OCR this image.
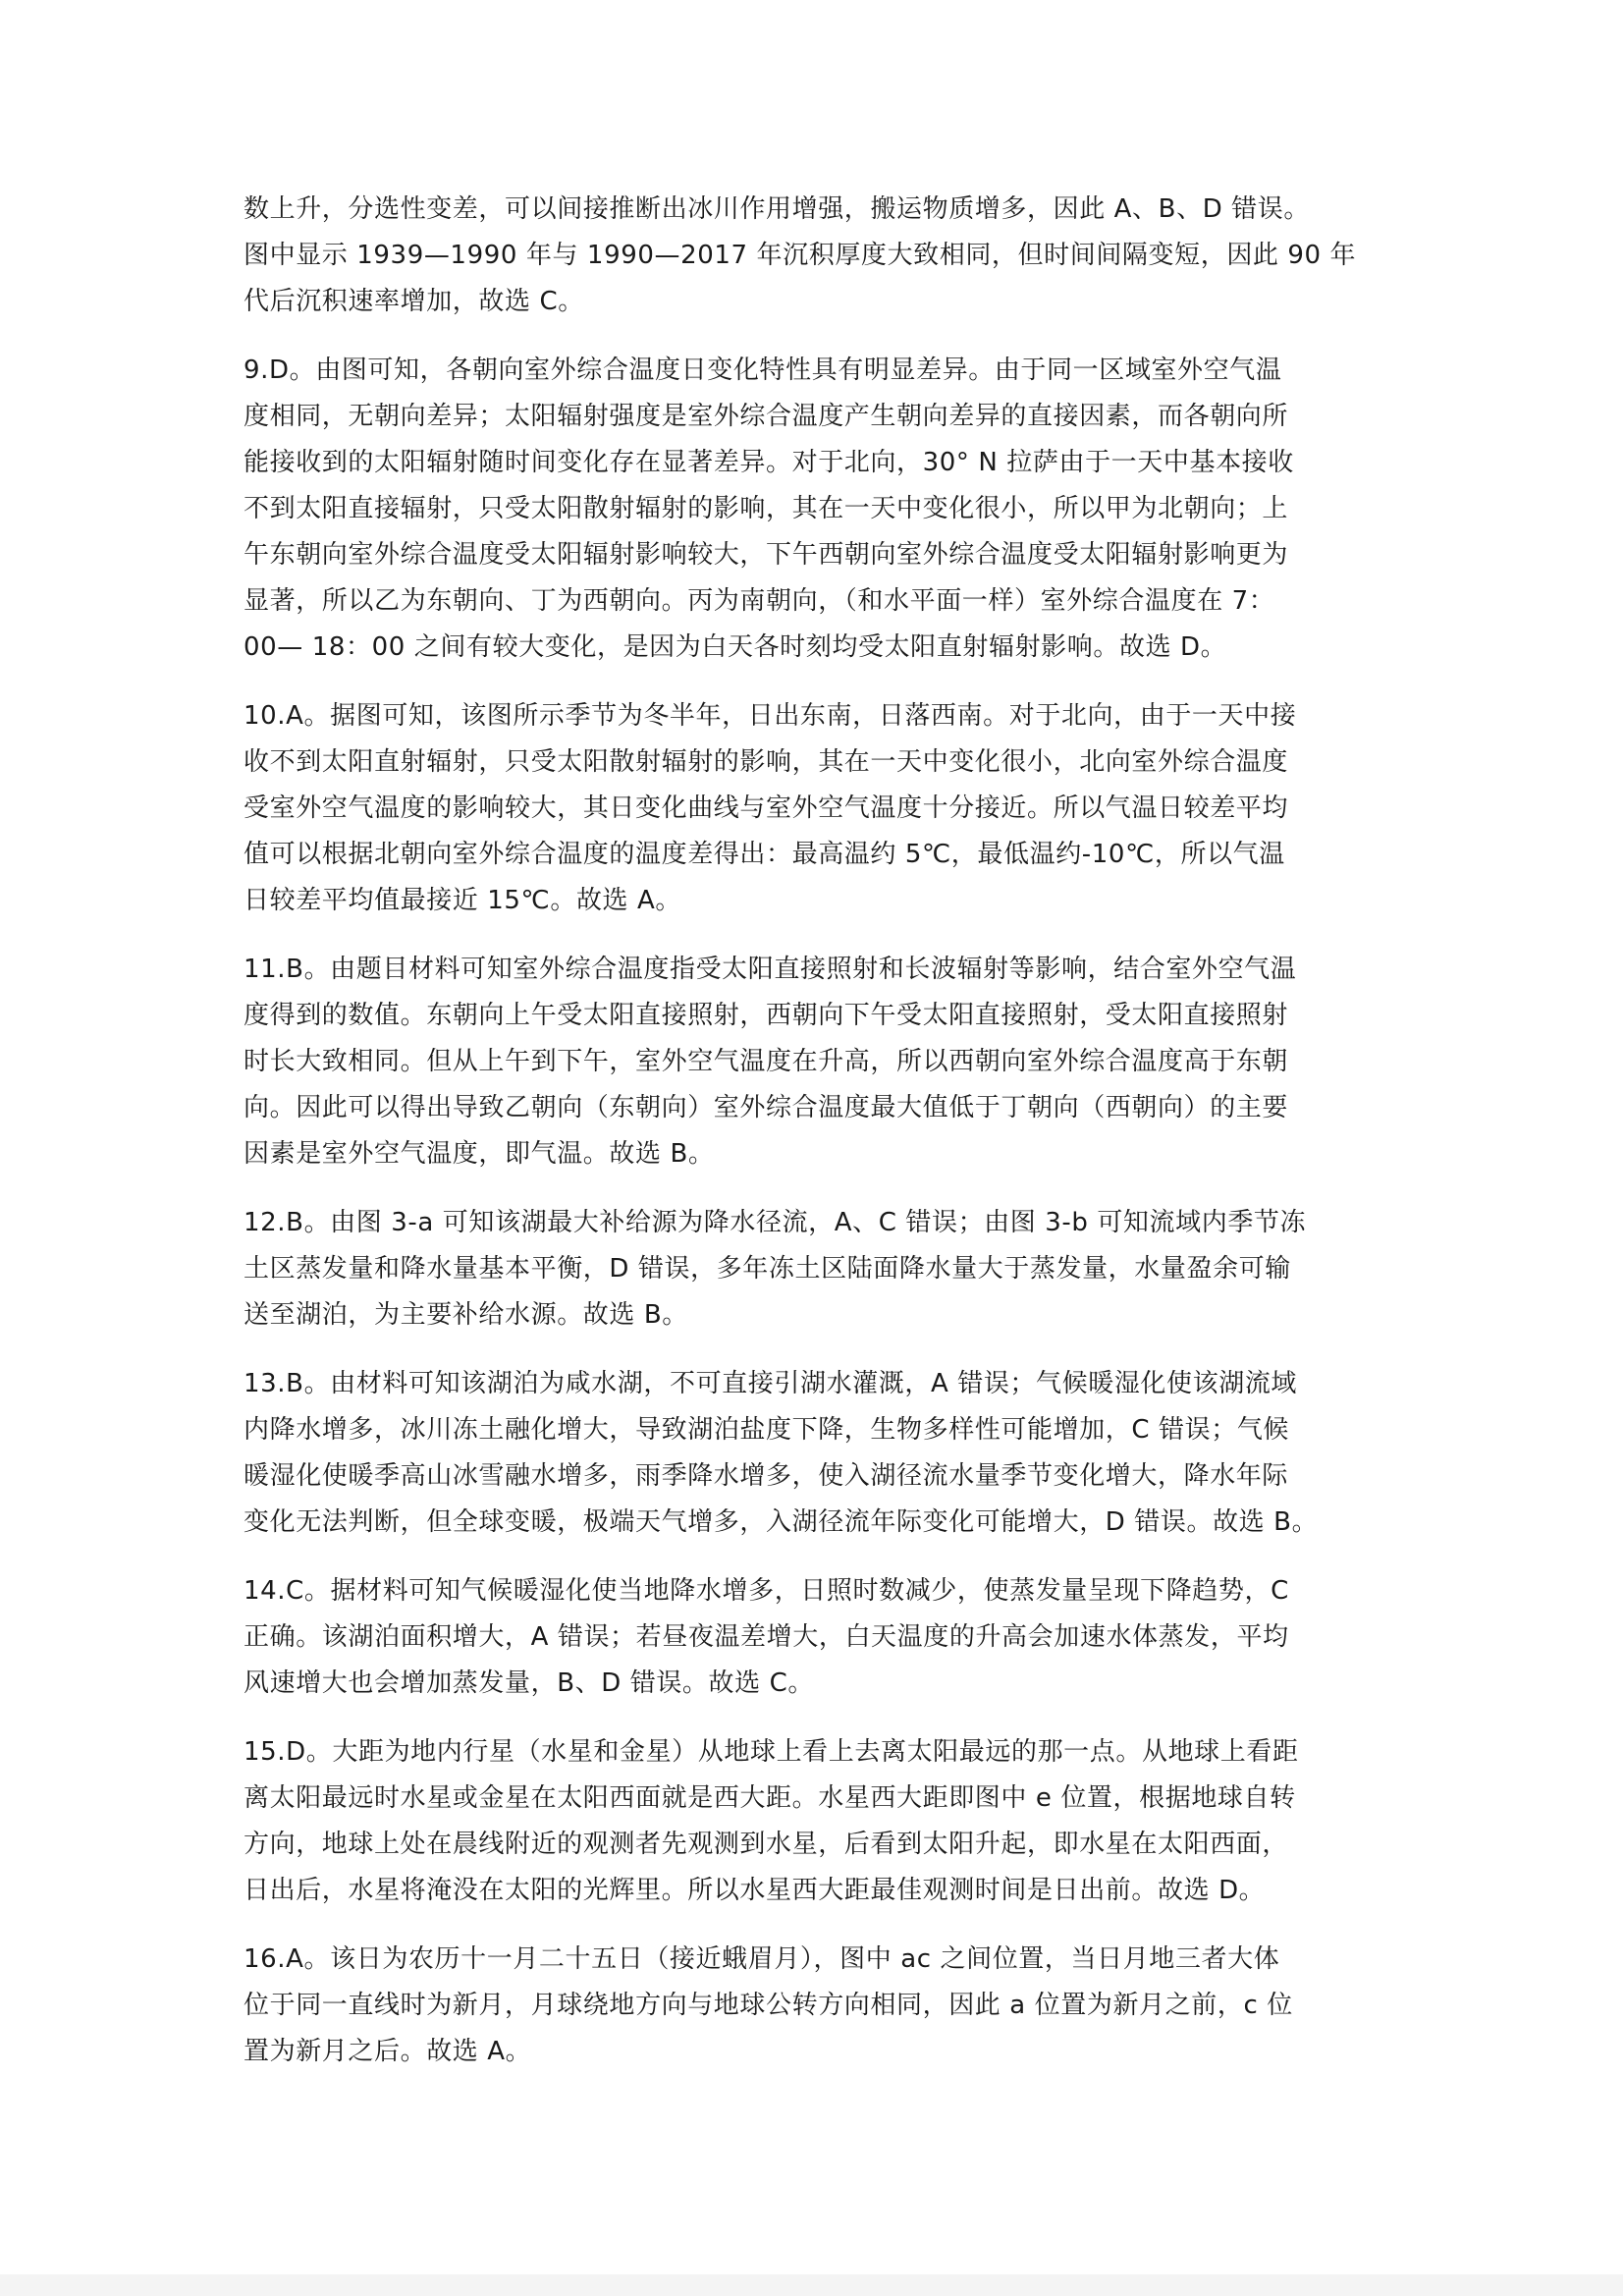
数上升，分选性变差，可以间接推断出冰川作用增强，搬运物质增多，因此 A、B、D 错误。
图中显示 1939—1990 年与 1990—2017 年沉积厚度大致相同，但时间间隔变短，因此 90 年
代后沉积速率增加，故选 C。
9.D。由图可知，各朝向室外综合温度日变化特性具有明显差异。由于同一区域室外空气温
度相同，无朝向差异；太阳辐射强度是室外综合温度产生朝向差异的直接因素，而各朝向所
能接收到的太阳辐射随时间变化存在显著差异。对于北向，30° N 拉萨由于一天中基本接收
不到太阳直接辐射，只受太阳散射辐射的影响，其在一天中变化很小，所以甲为北朝向；上
午东朝向室外综合温度受太阳辐射影响较大，下午西朝向室外综合温度受太阳辐射影响更为
显著，所以乙为东朝向、丁为西朝向。丙为南朝向，（和水平面一样）室外综合温度在 7：
00— 18：00 之间有较大变化，是因为白天各时刻均受太阳直射辐射影响。故选 D。
10.A。据图可知，该图所示季节为冬半年，日出东南，日落西南。对于北向，由于一天中接
收不到太阳直射辐射，只受太阳散射辐射的影响，其在一天中变化很小，北向室外综合温度
受室外空气温度的影响较大，其日变化曲线与室外空气温度十分接近。所以气温日较差平均
值可以根据北朝向室外综合温度的温度差得出：最高温约 5℃，最低温约-10℃，所以气温
日较差平均值最接近 15℃。故选 A。
11.B。由题目材料可知室外综合温度指受太阳直接照射和长波辐射等影响，结合室外空气温
度得到的数值。东朝向上午受太阳直接照射，西朝向下午受太阳直接照射，受太阳直接照射
时长大致相同。但从上午到下午，室外空气温度在升高，所以西朝向室外综合温度高于东朝
向。因此可以得出导致乙朝向（东朝向）室外综合温度最大值低于丁朝向（西朝向）的主要
因素是室外空气温度，即气温。故选 B。
12.B。由图 3-a 可知该湖最大补给源为降水径流，A、C 错误；由图 3-b 可知流域内季节冻
土区蒸发量和降水量基本平衡，D 错误，多年冻土区陆面降水量大于蒸发量，水量盈余可输
送至湖泊，为主要补给水源。故选 B。
13.B。由材料可知该湖泊为咸水湖，不可直接引湖水灌溉，A 错误；气候暖湿化使该湖流域
内降水增多，冰川冻土融化增大，导致湖泊盐度下降，生物多样性可能增加，C 错误；气候
暖湿化使暖季高山冰雪融水增多，雨季降水增多，使入湖径流水量季节变化增大，降水年际
变化无法判断，但全球变暖，极端天气增多，入湖径流年际变化可能增大，D 错误。故选 B。
14.C。据材料可知气候暖湿化使当地降水增多，日照时数减少，使蒸发量呈现下降趋势，C
正确。该湖泊面积增大，A 错误；若昼夜温差增大，白天温度的升高会加速水体蒸发，平均
风速增大也会增加蒸发量，B、D 错误。故选 C。
15.D。大距为地内行星（水星和金星）从地球上看上去离太阳最远的那一点。从地球上看距
离太阳最远时水星或金星在太阳西面就是西大距。水星西大距即图中 e 位置，根据地球自转
方向，地球上处在晨线附近的观测者先观测到水星，后看到太阳升起，即水星在太阳西面，
日出后，水星将淹没在太阳的光辉里。所以水星西大距最佳观测时间是日出前。故选 D。
16.A。该日为农历十一月二十五日（接近蛾眉月），图中 ac 之间位置，当日月地三者大体
位于同一直线时为新月，月球绕地方向与地球公转方向相同，因此 a 位置为新月之前，c 位
置为新月之后。故选 A。
